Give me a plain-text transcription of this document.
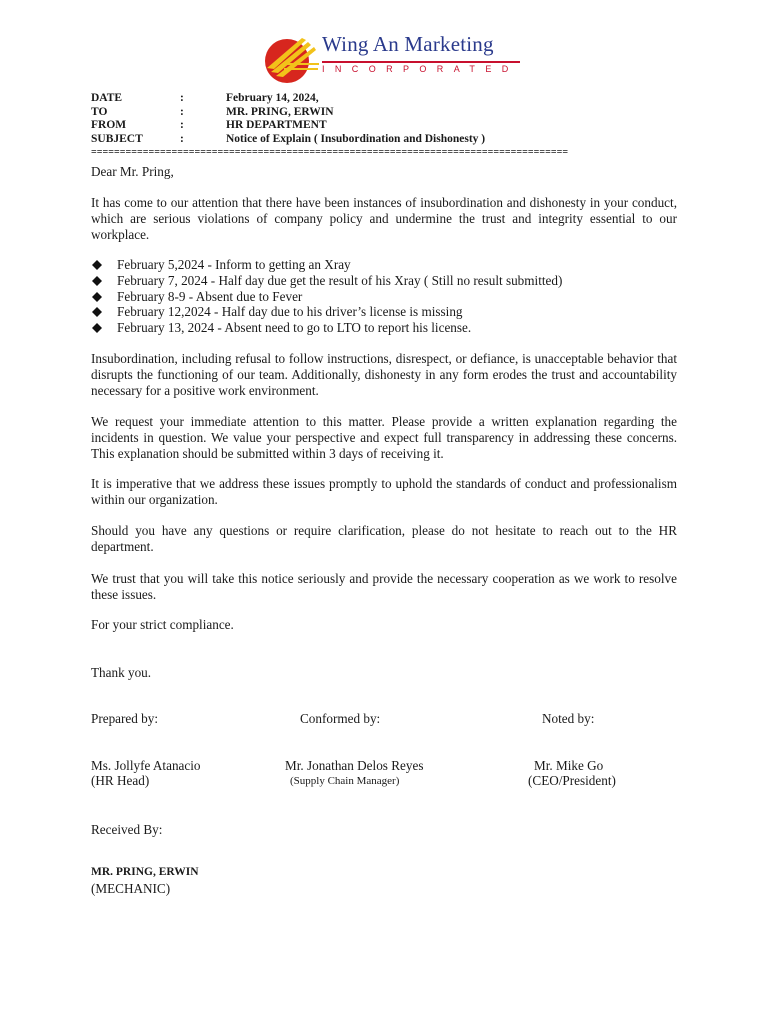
Wing An Marketing
INCORPORATED
DATE	:	February 14, 2024,
TO	:	MR. PRING, ERWIN
FROM	:	HR DEPARTMENT
SUBJECT	:	Notice of Explain ( Insubordination and Dishonesty )
===================================================================================
Dear Mr. Pring,
It has come to our attention that there have been instances of insubordination and dishonesty in your conduct, which are serious violations of company policy and undermine the trust and integrity essential to our workplace.
February 5,2024 - Inform to getting an Xray
February 7, 2024 - Half day due get the result of his Xray ( Still no result submitted)
February 8-9 - Absent due to Fever
February 12,2024 - Half day due to his driver’s license is missing
February 13, 2024 - Absent need to go to LTO to report his license.
Insubordination, including refusal to follow instructions, disrespect, or defiance, is unacceptable behavior that disrupts the functioning of our team. Additionally, dishonesty in any form erodes the trust and accountability necessary for a positive work environment.
We request your immediate attention to this matter. Please provide a written explanation regarding the incidents in question. We value your perspective and expect full transparency in addressing these concerns. This explanation should be submitted within 3 days of receiving it.
It is imperative that we address these issues promptly to uphold the standards of conduct and professionalism within our organization.
Should you have any questions or require clarification, please do not hesitate to reach out to the HR department.
We trust that you will take this notice seriously and provide the necessary cooperation as we work to resolve these issues.
For your strict compliance.
Thank you.
Prepared by:	Conformed by:	Noted by:
Ms. Jollyfe Atanacio
(HR Head)
Mr. Jonathan Delos Reyes
(Supply Chain Manager)
Mr. Mike Go
(CEO/President)
Received By:
MR. PRING, ERWIN
(MECHANIC)
